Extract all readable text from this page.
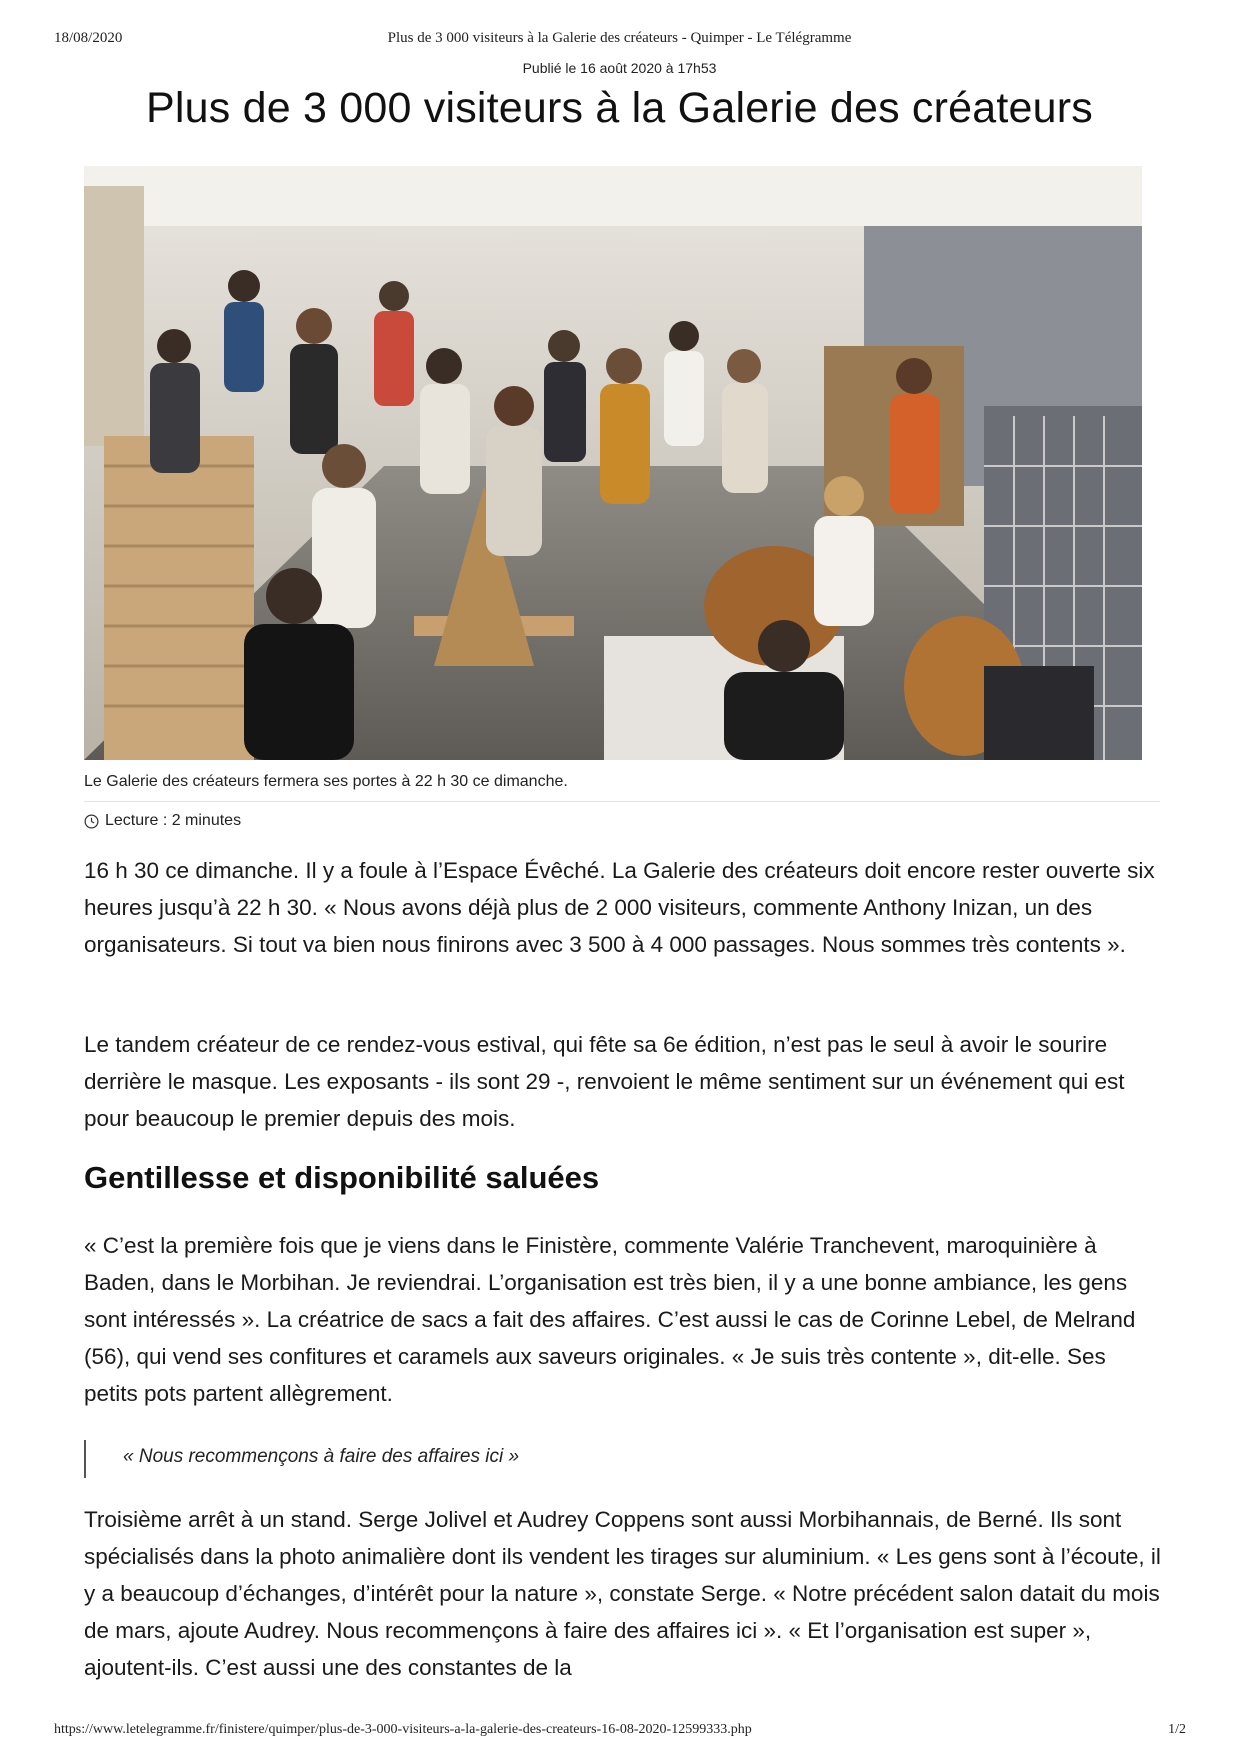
18/08/2020	Plus de 3 000 visiteurs à la Galerie des créateurs - Quimper - Le Télégramme
Publié le 16 août 2020 à 17h53
Plus de 3 000 visiteurs à la Galerie des créateurs
Le Galerie des créateurs fermera ses portes à 22 h 30 ce dimanche.
Lecture : 2 minutes

16 h 30 ce dimanche. Il y a foule à l’Espace Évêché. La Galerie des créateurs doit encore rester ouverte six heures jusqu’à 22 h 30. « Nous avons déjà plus de 2 000 visiteurs, commente Anthony Inizan, un des organisateurs. Si tout va bien nous finirons avec 3 500 à 4 000 passages. Nous sommes très contents ».

Le tandem créateur de ce rendez-vous estival, qui fête sa 6e édition, n’est pas le seul à avoir le sourire derrière le masque. Les exposants - ils sont 29 -, renvoient le même sentiment sur un événement qui est pour beaucoup le premier depuis des mois.

Gentillesse et disponibilité saluées

« C’est la première fois que je viens dans le Finistère, commente Valérie Tranchevent, maroquinière à Baden, dans le Morbihan. Je reviendrai. L’organisation est très bien, il y a une bonne ambiance, les gens sont intéressés ». La créatrice de sacs a fait des affaires. C’est aussi le cas de Corinne Lebel, de Melrand (56), qui vend ses confitures et caramels aux saveurs originales. « Je suis très contente », dit-elle. Ses petits pots partent allègrement.

« Nous recommençons à faire des affaires ici »

Troisième arrêt à un stand. Serge Jolivel et Audrey Coppens sont aussi Morbihannais, de Berné. Ils sont spécialisés dans la photo animalière dont ils vendent les tirages sur aluminium. « Les gens sont à l’écoute, il y a beaucoup d’échanges, d’intérêt pour la nature », constate Serge. « Notre précédent salon datait du mois de mars, ajoute Audrey. Nous recommençons à faire des affaires ici ». « Et l’organisation est super », ajoutent-ils. C’est aussi une des constantes de la

https://www.letelegramme.fr/finistere/quimper/plus-de-3-000-visiteurs-a-la-galerie-des-createurs-16-08-2020-12599333.php	1/2
